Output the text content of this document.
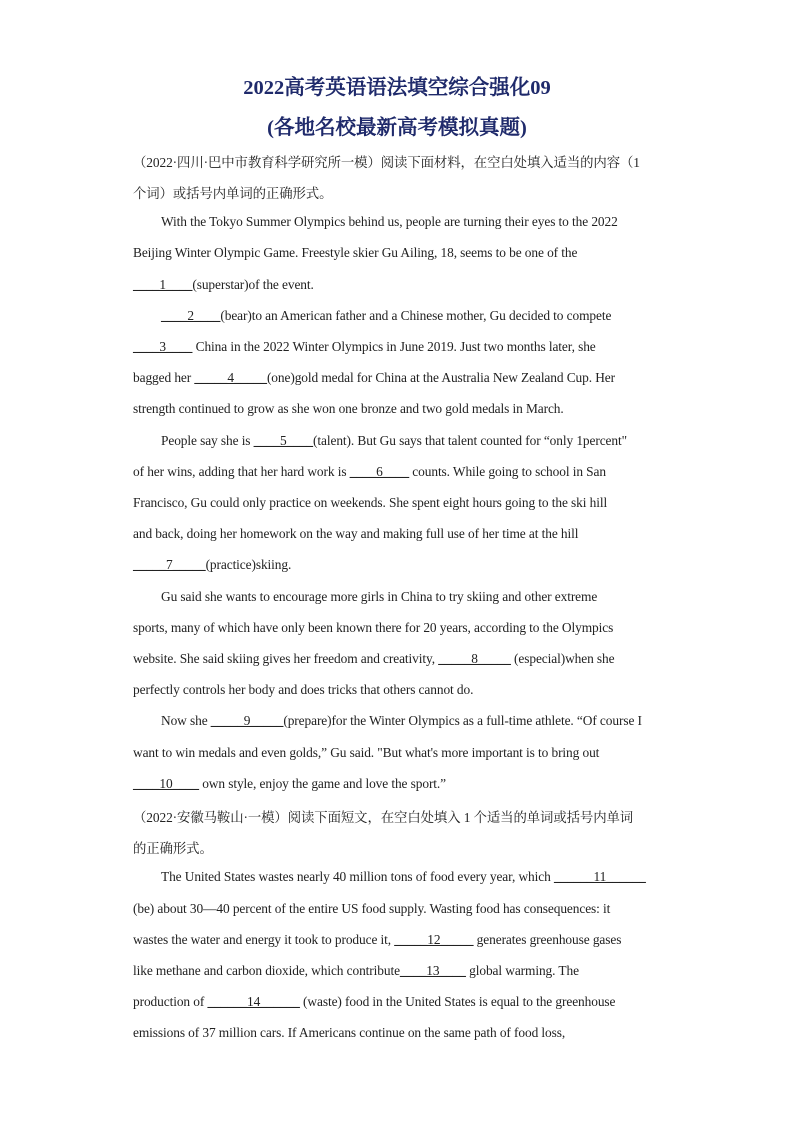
2022高考英语语法填空综合强化09
(各地名校最新高考模拟真题)
（2022·四川·巴中市教育科学研究所一模）阅读下面材料，在空白处填入适当的内容（1
个词）或括号内单词的正确形式。
With the Tokyo Summer Olympics behind us, people are turning their eyes to the 2022
Beijing Winter Olympic Game. Freestyle skier Gu Ailing, 18, seems to be one of the
____1____(superstar)of the event.
____2____(bear)to an American father and a Chinese mother, Gu decided to compete
____3____ China in the 2022 Winter Olympics in June 2019. Just two months later, she
bagged her _____4_____(one)gold medal for China at the Australia New Zealand Cup. Her
strength continued to grow as she won one bronze and two gold medals in March.
People say she is ____5____(talent). But Gu says that talent counted for “only 1percent"
of her wins, adding that her hard work is ____6____ counts. While going to school in San
Francisco, Gu could only practice on weekends. She spent eight hours going to the ski hill
and back, doing her homework on the way and making full use of her time at the hill
_____7_____(practice)skiing.
Gu said she wants to encourage more girls in China to try skiing and other extreme
sports, many of which have only been known there for 20 years, according to the Olympics
website. She said skiing gives her freedom and creativity, _____8_____ (especial)when she
perfectly controls her body and does tricks that others cannot do.
Now she _____9_____(prepare)for the Winter Olympics as a full-time athlete. “Of course I
want to win medals and even golds,” Gu said. "But what's more important is to bring out
____10____ own style, enjoy the game and love the sport.”
（2022·安徽马鞍山·一模）阅读下面短文，在空白处填入 1 个适当的单词或括号内单词
的正确形式。
The United States wastes nearly 40 million tons of food every year, which ______11______
(be) about 30—40 percent of the entire US food supply. Wasting food has consequences: it
wastes the water and energy it took to produce it, _____12_____ generates greenhouse gases
like methane and carbon dioxide, which contribute____13____ global warming. The
production of ______14______ (waste) food in the United States is equal to the greenhouse
emissions of 37 million cars. If Americans continue on the same path of food loss,
